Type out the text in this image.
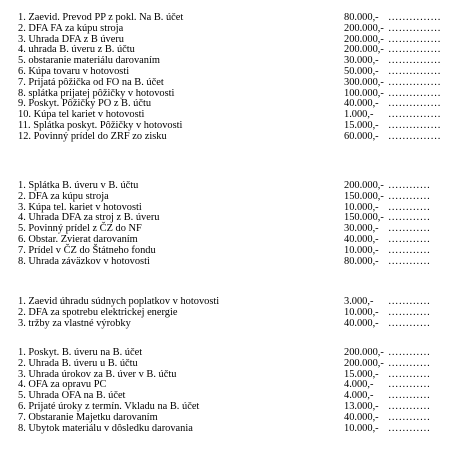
1. Zaevid. Prevod PP z pokl. Na B. účet	80.000,- ……………
2. DFA FA za kúpu stroja	200.000,- ……………
3. Uhrada DFA z B úveru	200.000,- ……………
4. uhrada B. úveru z B. účtu	200.000,- ……………
5. obstaranie materiálu darovaním	30.000,- ……………
6. Kúpa tovaru v hotovosti	50.000,- ……………
7. Prijatá pôžička od FO na B. účet	300.000,- ……………
8. splátka prijatej pôžičky v hotovosti	100.000,- ……………
9. Poskyt. Pôžičky PO z B. účtu	40.000,- ……………
10. Kúpa tel kariet v hotovosti	1.000,- ……………
11. Splátka poskyt. Pôžičky v hotovosti	15.000,- ……………
12. Povinný prídel do ZRF zo zisku	60.000,- ……………
1. Splátka B. úveru v B. účtu	200.000,- …………
2. DFA za kúpu stroja	150.000,- …………
3. Kúpa tel. kariet v hotovosti	10.000,- …………
4. Uhrada DFA za stroj z B. úveru	150.000,- …………
5. Povinný prídel z ČZ do NF	30.000,- …………
6. Obstar. Zvierat darovaním	40.000,- …………
7. Prídel v ČZ do Štátneho fondu	10.000,- …………
8. Uhrada záväzkov v hotovosti	80.000,- …………
1. Zaevid úhradu súdnych poplatkov v hotovosti	3.000,- …………
2. DFA za spotrebu elektrickej energie	10.000,- …………
3. tržby za vlastné výrobky	40.000,- …………
1. Poskyt. B. úveru na B. účet	200.000,- …………
2. Uhrada B. úveru u B. účtu	200.000,- …………
3. Uhrada úrokov za B. úver v B. účtu	15.000,- …………
4. OFA za opravu PC	4.000,- …………
5. Uhrada OFA na B. účet	4.000,- …………
6. Prijaté úroky z termín. Vkladu na B. účet	13.000,- …………
7. Obstaranie Majetku darovaním	40.000,- …………
8. Ubytok materiálu v dôsledku darovania	10.000,- …………
